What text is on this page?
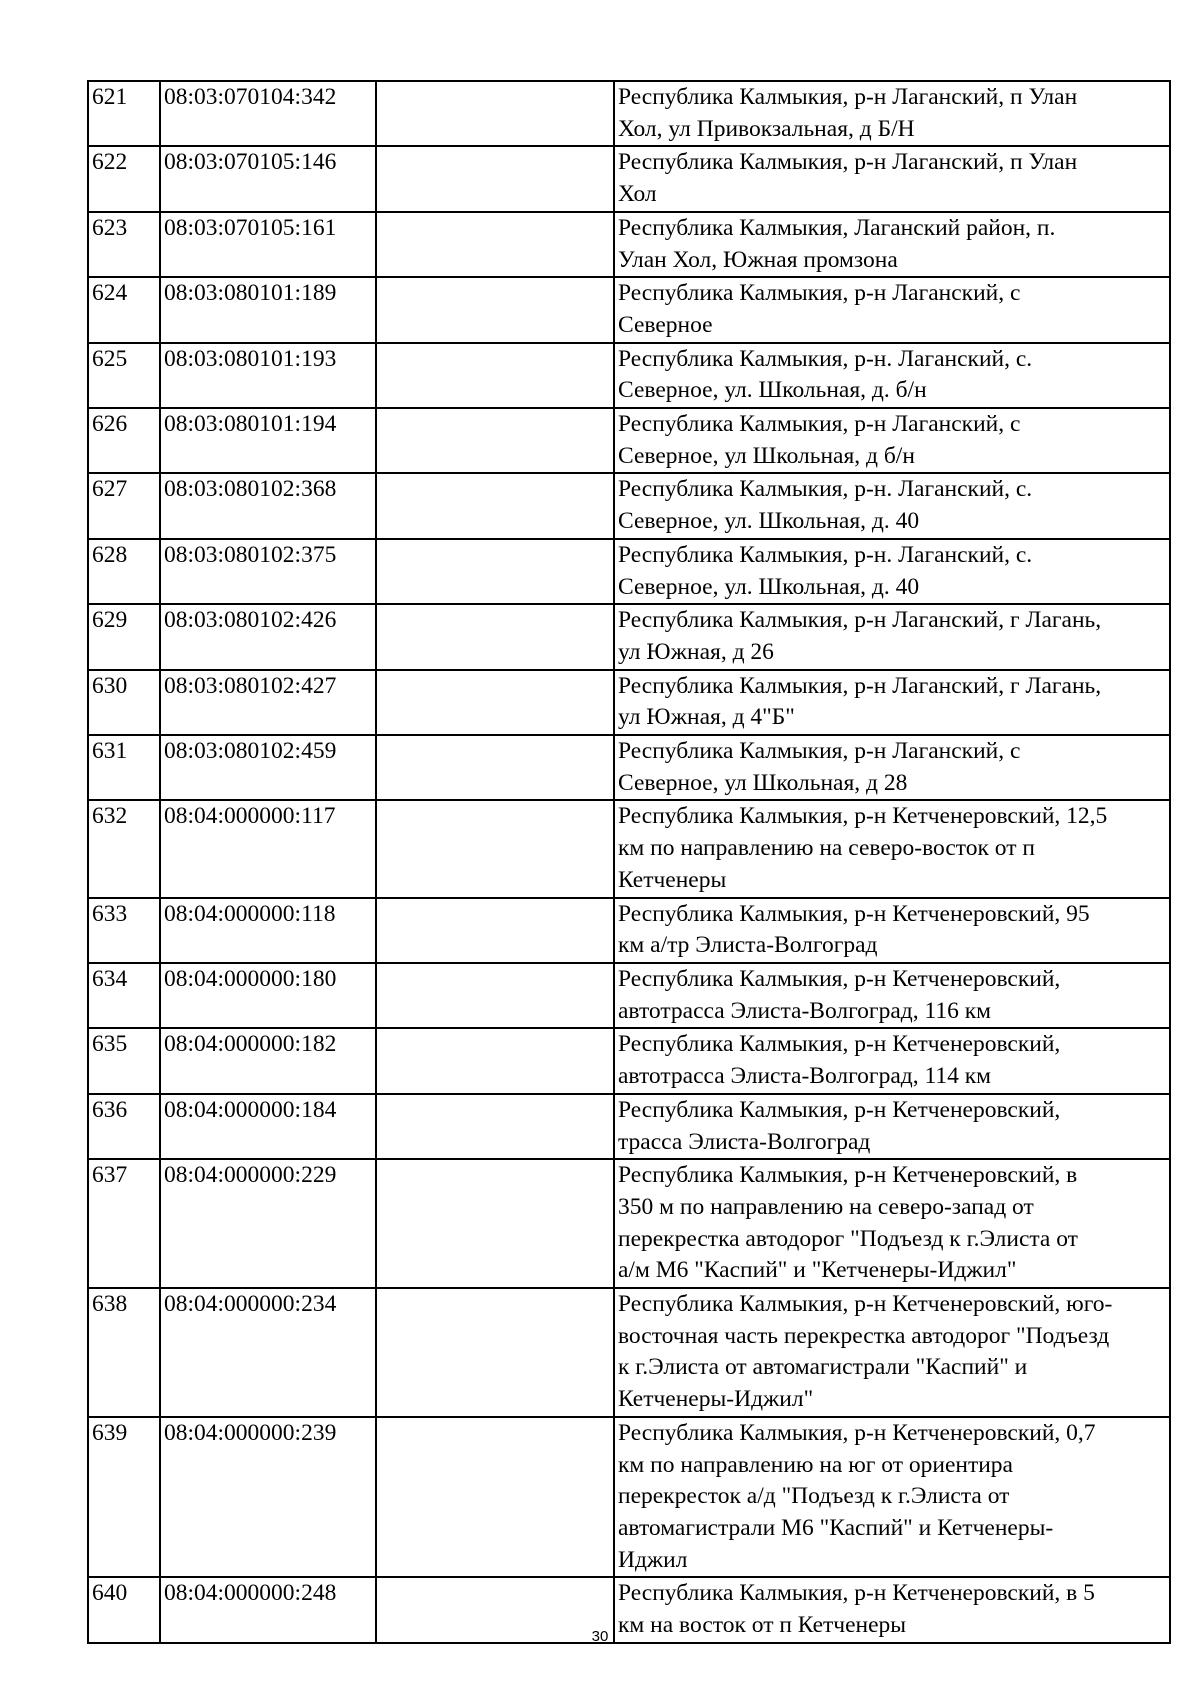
621	08:03:070104:342		Республика Калмыкия, р-н Лаганский, п Улан
Хол, ул Привокзальная, д Б/Н

622	08:03:070105:146		Республика Калмыкия, р-н Лаганский, п Улан
Хол

623	08:03:070105:161		Республика Калмыкия, Лаганский район, п.
Улан Хол, Южная промзона

624	08:03:080101:189		Республика Калмыкия, р-н Лаганский, с
Северное

625	08:03:080101:193		Республика Калмыкия, р-н. Лаганский, с.
Северное, ул. Школьная, д. б/н

626	08:03:080101:194		Республика Калмыкия, р-н Лаганский, с
Северное, ул Школьная, д б/н

627	08:03:080102:368		Республика Калмыкия, р-н. Лаганский, с.
Северное, ул. Школьная, д. 40

628	08:03:080102:375		Республика Калмыкия, р-н. Лаганский, с.
Северное, ул. Школьная, д. 40

629	08:03:080102:426		Республика Калмыкия, р-н Лаганский, г Лагань,
ул Южная, д 26

630	08:03:080102:427		Республика Калмыкия, р-н Лаганский, г Лагань,
ул Южная, д 4"Б"

631	08:03:080102:459		Республика Калмыкия, р-н Лаганский, с
Северное, ул Школьная, д 28

632	08:04:000000:117		Республика Калмыкия, р-н Кетченеровский, 12,5
км по направлению на северо-восток от п
Кетченеры

633	08:04:000000:118		Республика Калмыкия, р-н Кетченеровский, 95
км а/тр Элиста-Волгоград

634	08:04:000000:180		Республика Калмыкия, р-н Кетченеровский,
автотрасса Элиста-Волгоград, 116 км

635	08:04:000000:182		Республика Калмыкия, р-н Кетченеровский,
автотрасса Элиста-Волгоград, 114 км

636	08:04:000000:184		Республика Калмыкия, р-н Кетченеровский,
трасса Элиста-Волгоград

637	08:04:000000:229		Республика Калмыкия, р-н Кетченеровский, в
350 м по направлению на северо-запад от
перекрестка автодорог "Подъезд к г.Элиста от
а/м М6 "Каспий" и "Кетченеры-Иджил"

638	08:04:000000:234		Республика Калмыкия, р-н Кетченеровский, юго-
восточная часть перекрестка автодорог "Подъезд
к г.Элиста от автомагистрали "Каспий" и
Кетченеры-Иджил"

639	08:04:000000:239		Республика Калмыкия, р-н Кетченеровский, 0,7
км по направлению на юг от ориентира
перекресток а/д "Подъезд к г.Элиста от
автомагистрали М6 "Каспий" и Кетченеры-
Иджил

640	08:04:000000:248		Республика Калмыкия, р-н Кетченеровский, в 5
км на восток от п Кетченеры
30
